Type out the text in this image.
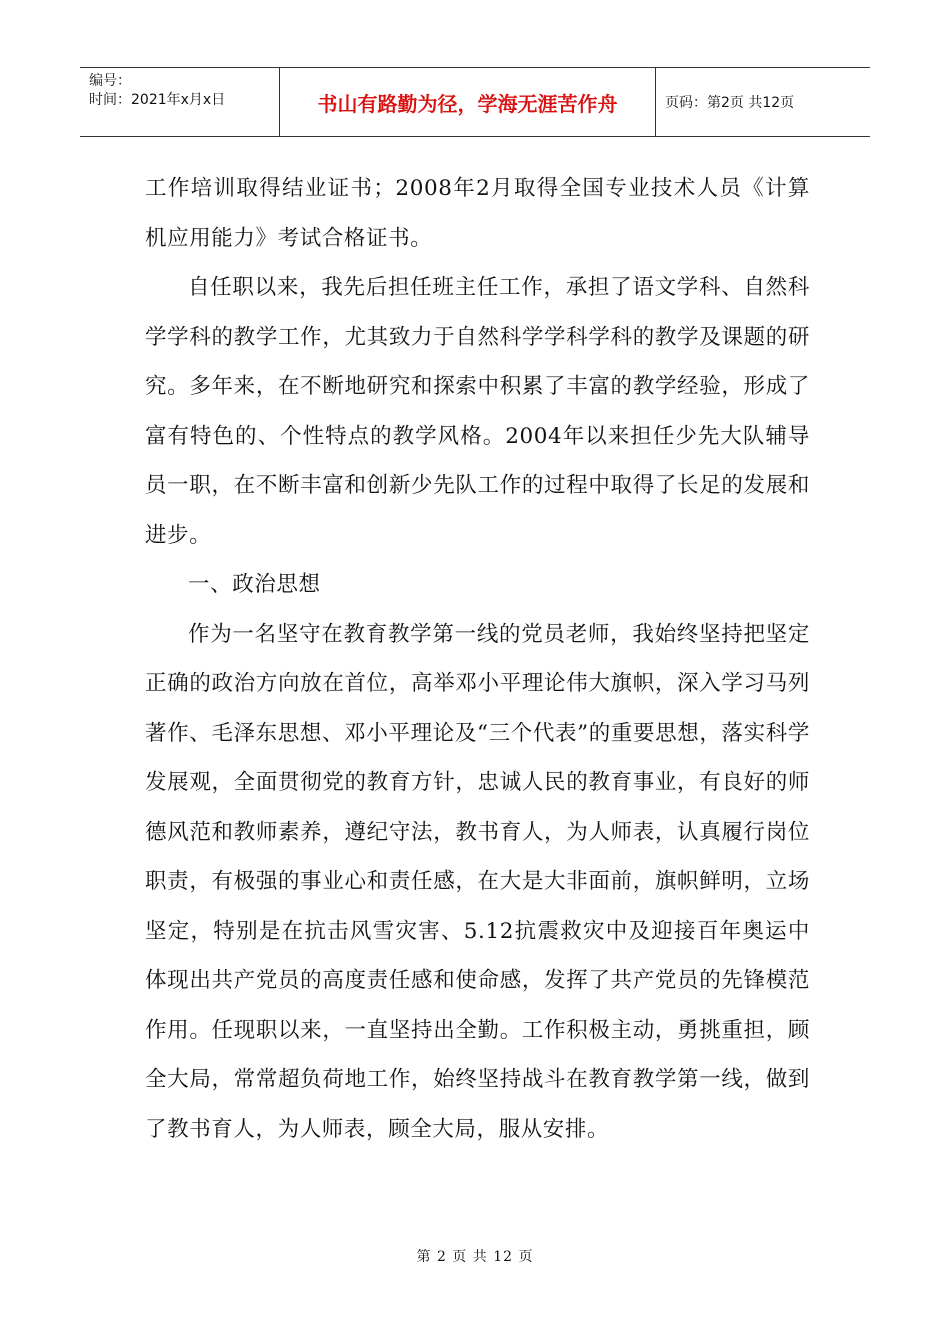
编号：
时间：2021年x月x日	书山有路勤为径，学海无涯苦作舟	页码：第2页 共12页

工作培训取得结业证书；2008年2月取得全国专业技术人员《计算机应用能力》考试合格证书。

自任职以来，我先后担任班主任工作，承担了语文学科、自然科学学科的教学工作，尤其致力于自然科学学科学科的教学及课题的研究。多年来，在不断地研究和探索中积累了丰富的教学经验，形成了富有特色的、个性特点的教学风格。2004年以来担任少先大队辅导员一职，在不断丰富和创新少先队工作的过程中取得了长足的发展和进步。

一、政治思想

作为一名坚守在教育教学第一线的党员老师，我始终坚持把坚定正确的政治方向放在首位，高举邓小平理论伟大旗帜，深入学习马列著作、毛泽东思想、邓小平理论及“三个代表”的重要思想，落实科学发展观，全面贯彻党的教育方针，忠诚人民的教育事业，有良好的师德风范和教师素养，遵纪守法，教书育人，为人师表，认真履行岗位职责，有极强的事业心和责任感，在大是大非面前，旗帜鲜明，立场坚定，特别是在抗击风雪灾害、5.12抗震救灾中及迎接百年奥运中体现出共产党员的高度责任感和使命感，发挥了共产党员的先锋模范作用。任现职以来，一直坚持出全勤。工作积极主动，勇挑重担，顾全大局，常常超负荷地工作，始终坚持战斗在教育教学第一线，做到了教书育人，为人师表，顾全大局，服从安排。

第 2 页 共 12 页
